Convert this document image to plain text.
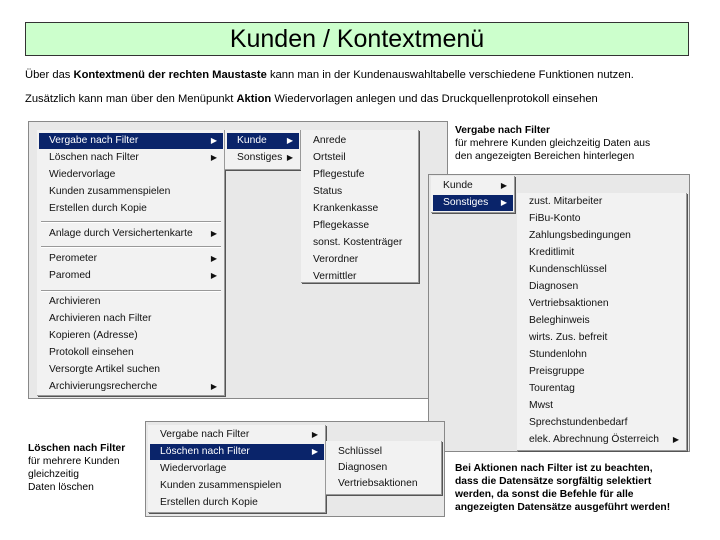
Kunden / Kontextmenü
Über das Kontextmenü der rechten Maustaste kann man in der Kundenauswahltabelle verschiedene Funktionen nutzen.
Zusätzlich kann man über den Menüpunkt Aktion Wiedervorlagen anlegen und das Druckquellenprotokoll einsehen
Vergabe nach Filter	▶
Löschen nach Filter	▶
Wiedervorlage
Kunden zusammenspielen
Erstellen durch Kopie
Anlage durch Versichertenkarte ▶
Perometer	▶
Paromed	▶
Archivieren
Archivieren nach Filter
Kopieren (Adresse)
Protokoll einsehen
Versorgte Artikel suchen
Archivierungsrecherche	▶
Kunde	▶
Sonstiges ▶
Anrede
Ortsteil
Pflegestufe
Status
Krankenkasse
Pflegekasse
sonst. Kostenträger
Verordner
Vermittler
Kunde	▶
Sonstiges ▶	zust. Mitarbeiter
FiBu-Konto
Zahlungsbedingungen
Kreditlimit
Kundenschlüssel
Diagnosen
Vertriebsaktionen
Beleghinweis
wirts. Zus. befreit
Stundenlohn
Preisgruppe
Tourentag
Mwst
Sprechstundenbedarf
elek. Abrechnung Österreich ▶
Vergabe nach Filter	▶
Löschen nach Filter	▶
Wiedervorlage
Kunden zusammenspielen
Erstellen durch Kopie
Schlüssel
Diagnosen
Vertriebsaktionen
Vergabe nach Filter
für mehrere Kunden gleichzeitig Daten aus
den angezeigten Bereichen hinterlegen
Löschen nach Filter
für mehrere Kunden
gleichzeitig
Daten löschen
Bei Aktionen nach Filter ist zu beachten,
dass die Datensätze sorgfältig selektiert
werden, da sonst die Befehle für alle
angezeigten Datensätze ausgeführt werden!
